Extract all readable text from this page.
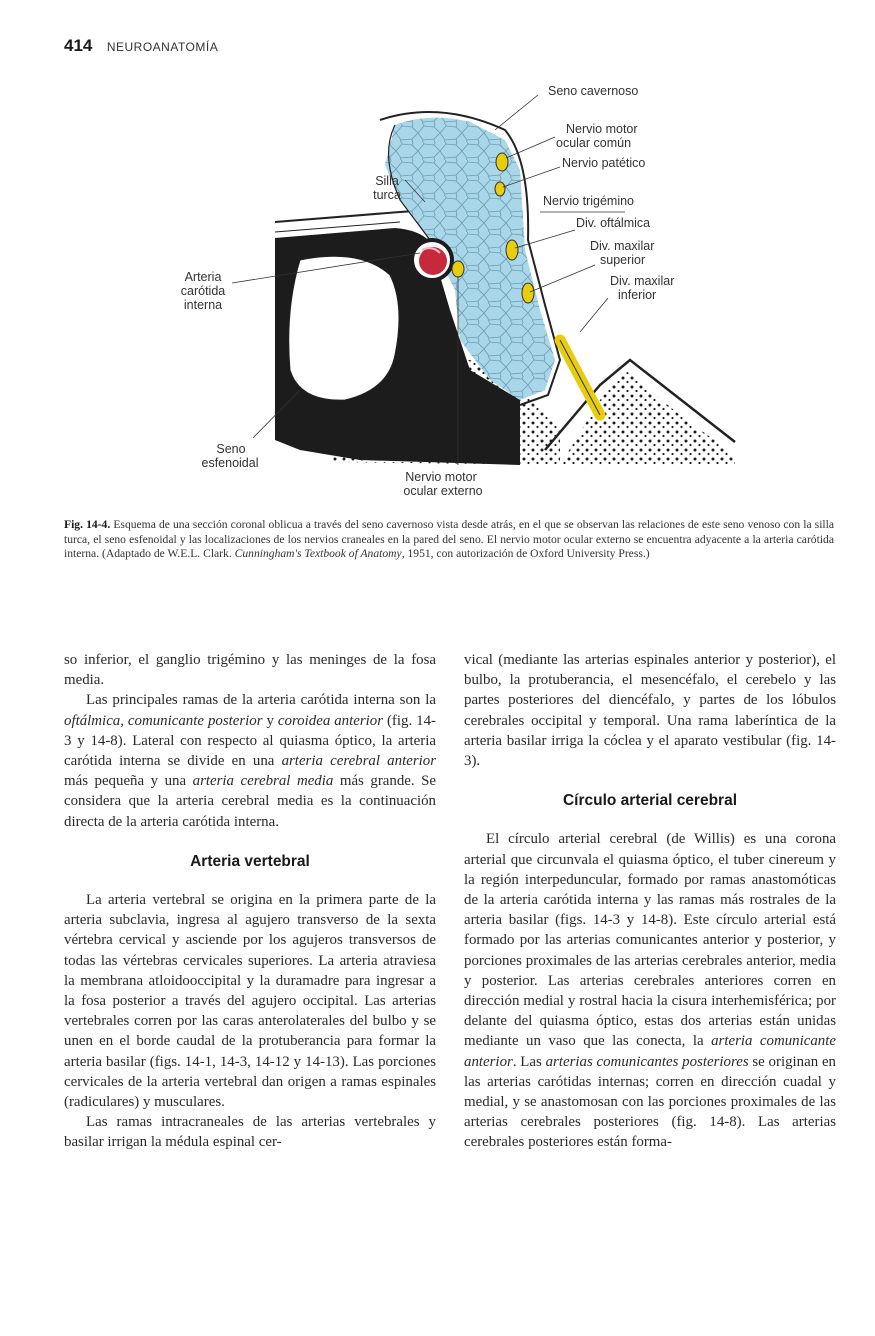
414 NEUROANATOMÍA
Seno cavernoso
Nervio motor
ocular común
Nervio patético
Nervio trigémino
Div. oftálmica
Div. maxilar
superior
Div. maxilar
inferior
Silla
turca
Arteria
carótida
interna
Seno
esfenoidal
Nervio motor
ocular externo
Fig. 14-4. Esquema de una sección coronal oblicua a través del seno cavernoso vista desde atrás, en el que se observan las relaciones de este seno venoso con la silla turca, el seno esfenoidal y las localizaciones de los nervios craneales en la pared del seno. El nervio motor ocular externo se encuentra adyacente a la arteria carótida interna. (Adaptado de W.E.L. Clark. Cunningham's Textbook of Anatomy, 1951, con autorización de Oxford University Press.)

so inferior, el ganglio trigémino y las meninges de la fosa media.

Las principales ramas de la arteria carótida interna son la oftálmica, comunicante posterior y coroidea anterior (fig. 14-3 y 14-8). Lateral con respecto al quiasma óptico, la arteria carótida interna se divide en una arteria cerebral anterior más pequeña y una arteria cerebral media más grande. Se considera que la arteria cerebral media es la continuación directa de la arteria carótida interna.

Arteria vertebral

La arteria vertebral se origina en la primera parte de la arteria subclavia, ingresa al agujero transverso de la sexta vértebra cervical y asciende por los agujeros transversos de todas las vértebras cervicales superiores. La arteria atraviesa la membrana atloidooccipital y la duramadre para ingresar a la fosa posterior a través del agujero occipital. Las arterias vertebrales corren por las caras anterolaterales del bulbo y se unen en el borde caudal de la protuberancia para formar la arteria basilar (figs. 14-1, 14-3, 14-12 y 14-13). Las porciones cervicales de la arteria vertebral dan origen a ramas espinales (radiculares) y musculares.

Las ramas intracraneales de las arterias vertebrales y basilar irrigan la médula espinal cer-

vical (mediante las arterias espinales anterior y posterior), el bulbo, la protuberancia, el mesencéfalo, el cerebelo y las partes posteriores del diencéfalo, y partes de los lóbulos cerebrales occipital y temporal. Una rama laberíntica de la arteria basilar irriga la cóclea y el aparato vestibular (fig. 14-3).

Círculo arterial cerebral

El círculo arterial cerebral (de Willis) es una corona arterial que circunvala el quiasma óptico, el tuber cinereum y la región interpeduncular, formado por ramas anastomóticas de la arteria carótida interna y las ramas más rostrales de la arteria basilar (figs. 14-3 y 14-8). Este círculo arterial está formado por las arterias comunicantes anterior y posterior, y porciones proximales de las arterias cerebrales anterior, media y posterior. Las arterias cerebrales anteriores corren en dirección medial y rostral hacia la cisura interhemisférica; por delante del quiasma óptico, estas dos arterias están unidas mediante un vaso que las conecta, la arteria comunicante anterior. Las arterias comunicantes posteriores se originan en las arterias carótidas internas; corren en dirección cuadal y medial, y se anastomosan con las porciones proximales de las arterias cerebrales posteriores (fig. 14-8). Las arterias cerebrales posteriores están forma-
